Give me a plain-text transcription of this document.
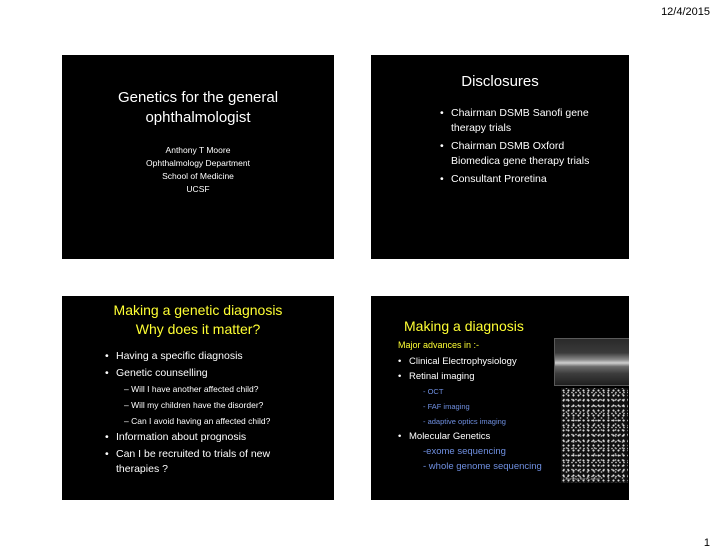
12/4/2015
Genetics for the general
ophthalmologist
Anthony T Moore
Ophthalmology Department
School of Medicine
UCSF
Disclosures
• Chairman DSMB Sanofi gene
therapy trials
• Chairman DSMB Oxford
Biomedica gene therapy trials
• Consultant Proretina
Making a genetic diagnosis
Why does it matter?
• Having a specific diagnosis
• Genetic counselling
– Will I have another affected child?
– Will my children have the disorder?
– Can I avoid having an affected child?
• Information about prognosis
• Can I be recruited to trials of new
therapies ?
Making a diagnosis
Major advances in :-
• Clinical Electrophysiology
• Retinal imaging
- OCT
- FAF imaging
- adaptive optics imaging
• Molecular Genetics
-exome sequencing
- whole genome sequencing
Courtesy Jon Carroll
1
